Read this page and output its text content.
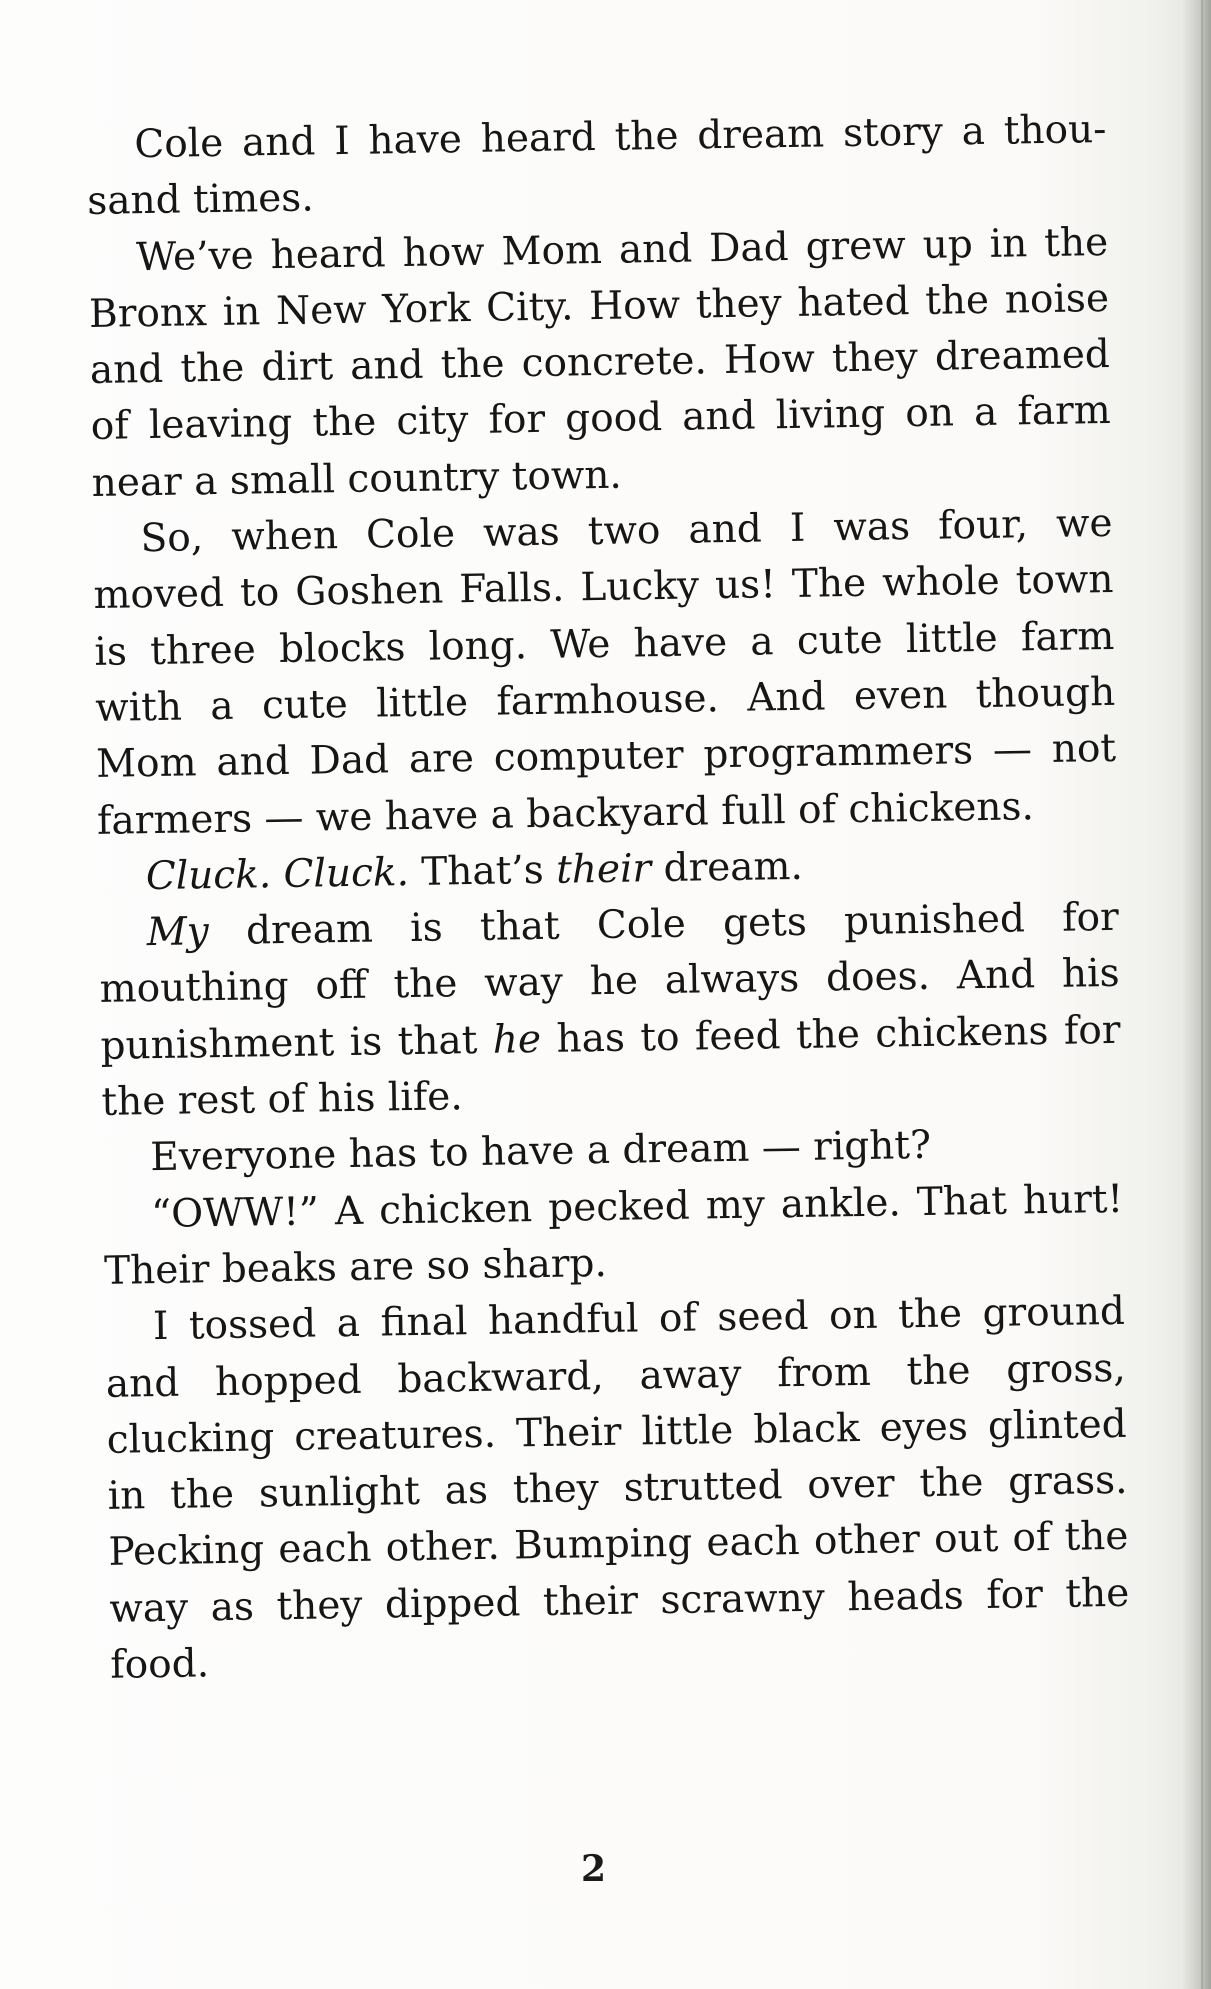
Cole and I have heard the dream story a thousand times.

We’ve heard how Mom and Dad grew up in the Bronx in New York City. How they hated the noise and the dirt and the concrete. How they dreamed of leaving the city for good and living on a farm near a small country town.

So, when Cole was two and I was four, we moved to Goshen Falls. Lucky us! The whole town is three blocks long. We have a cute little farm with a cute little farmhouse. And even though Mom and Dad are computer programmers — not farmers — we have a backyard full of chickens.

Cluck. Cluck. That’s their dream.

My dream is that Cole gets punished for mouthing off the way he always does. And his punishment is that he has to feed the chickens for the rest of his life.

Everyone has to have a dream — right?

“OWW!” A chicken pecked my ankle. That hurt! Their beaks are so sharp.

I tossed a final handful of seed on the ground and hopped backward, away from the gross, clucking creatures. Their little black eyes glinted in the sunlight as they strutted over the grass. Pecking each other. Bumping each other out of the way as they dipped their scrawny heads for the food.

2
